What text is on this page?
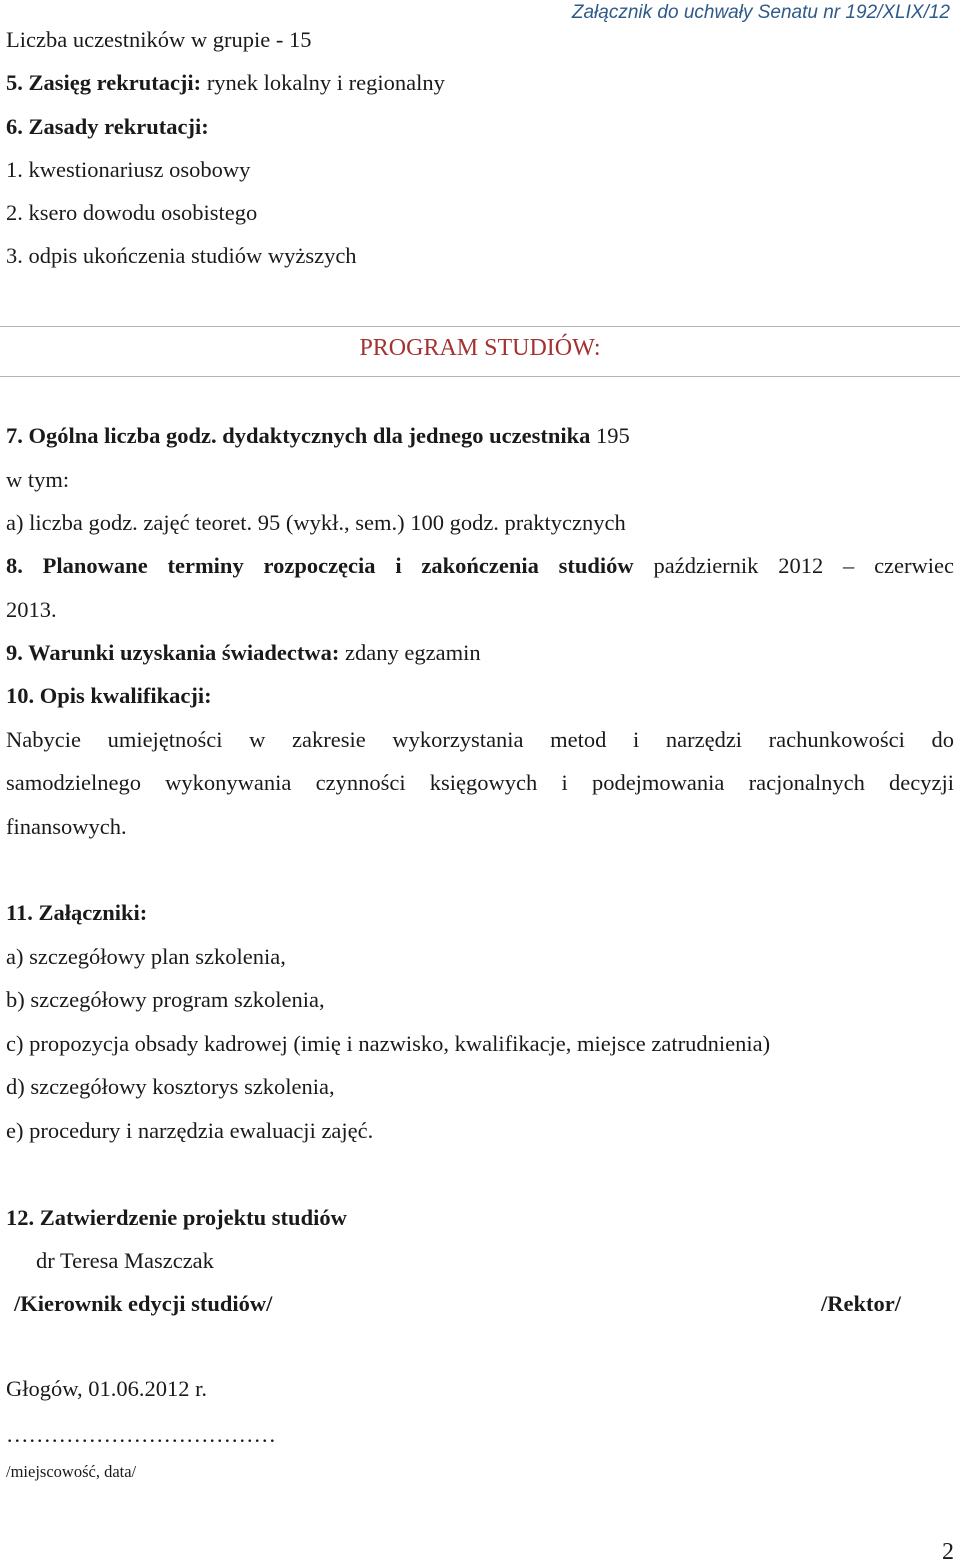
Załącznik do uchwały Senatu nr 192/XLIX/12
Liczba uczestników w grupie - 15
5. Zasięg rekrutacji: rynek lokalny i regionalny
6. Zasady rekrutacji:
1. kwestionariusz osobowy
2. ksero dowodu osobistego
3. odpis ukończenia studiów wyższych
PROGRAM STUDIÓW:
7. Ogólna liczba godz. dydaktycznych dla jednego uczestnika 195
w tym:
a) liczba godz. zajęć teoret. 95 (wykł., sem.) 100 godz. praktycznych
8. Planowane terminy rozpoczęcia i zakończenia studiów październik 2012 – czerwiec
2013.
9. Warunki uzyskania świadectwa: zdany egzamin
10. Opis kwalifikacji:
Nabycie umiejętności w zakresie wykorzystania metod i narzędzi rachunkowości do
samodzielnego wykonywania czynności księgowych i podejmowania racjonalnych decyzji
finansowych.
11. Załączniki:
a) szczegółowy plan szkolenia,
b) szczegółowy program szkolenia,
c) propozycja obsady kadrowej (imię i nazwisko, kwalifikacje, miejsce zatrudnienia)
d) szczegółowy kosztorys szkolenia,
e) procedury i narzędzia ewaluacji zajęć.
12. Zatwierdzenie projektu studiów
dr Teresa Maszczak
/Kierownik edycji studiów/	/Rektor/
Głogów, 01.06.2012 r.
………………………………
/miejscowość, data/
2
